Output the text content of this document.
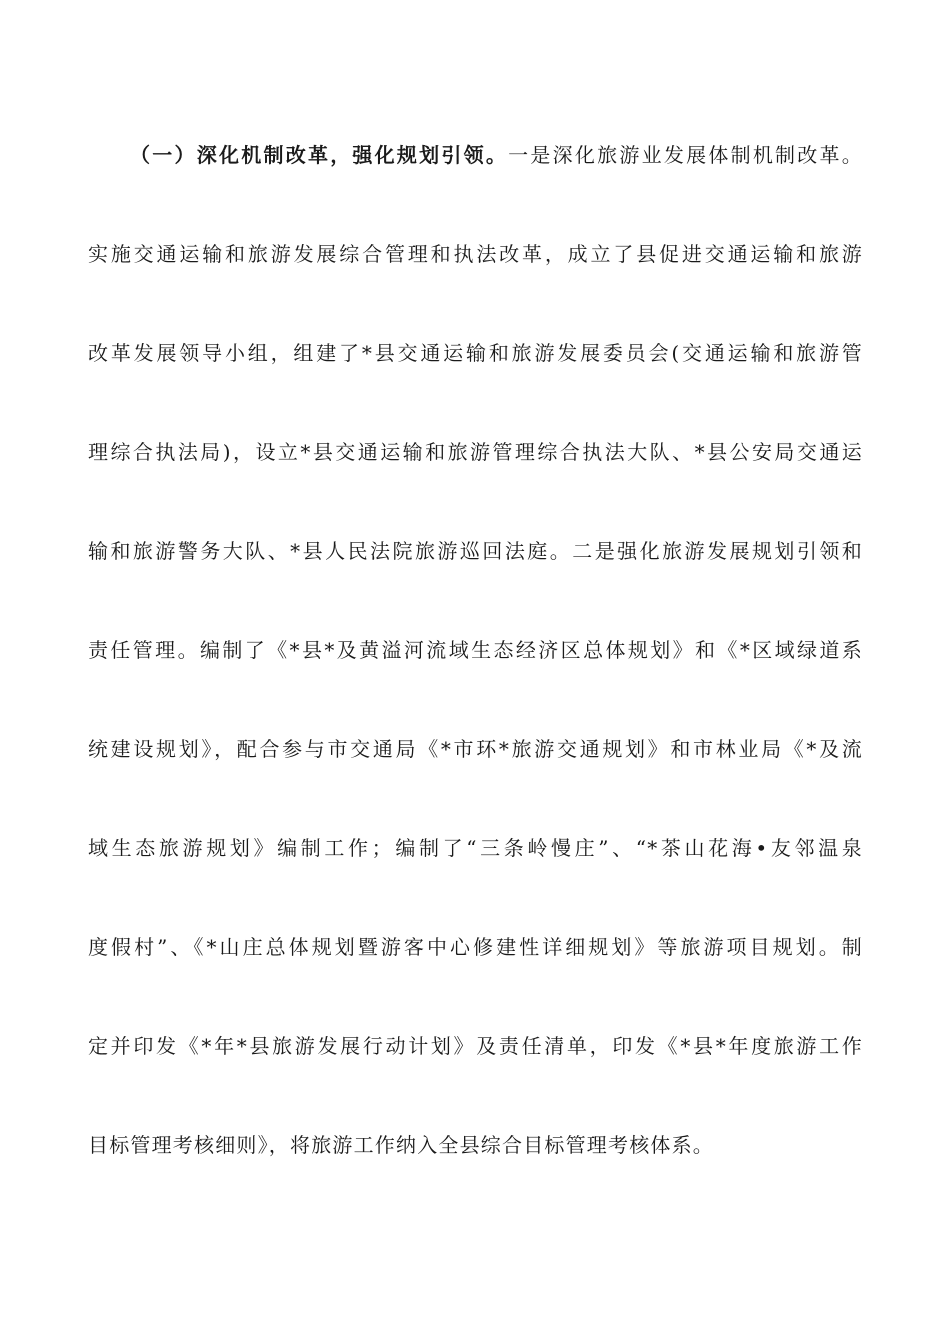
（一）深化机制改革，强化规划引领。一是深化旅游业发展体制机制改革。
实施交通运输和旅游发展综合管理和执法改革，成立了县促进交通运输和旅游
改革发展领导小组，组建了*县交通运输和旅游发展委员会(交通运输和旅游管
理综合执法局)，设立*县交通运输和旅游管理综合执法大队、*县公安局交通运
输和旅游警务大队、*县人民法院旅游巡回法庭。二是强化旅游发展规划引领和
责任管理。编制了《*县*及黄溢河流域生态经济区总体规划》和《*区域绿道系
统建设规划》，配合参与市交通局《*市环*旅游交通规划》和市林业局《*及流
域生态旅游规划》编制工作；编制了“三条岭慢庄”、“*茶山花海•友邻温泉
度假村”、《*山庄总体规划暨游客中心修建性详细规划》等旅游项目规划。制
定并印发《*年*县旅游发展行动计划》及责任清单，印发《*县*年度旅游工作
目标管理考核细则》，将旅游工作纳入全县综合目标管理考核体系。
